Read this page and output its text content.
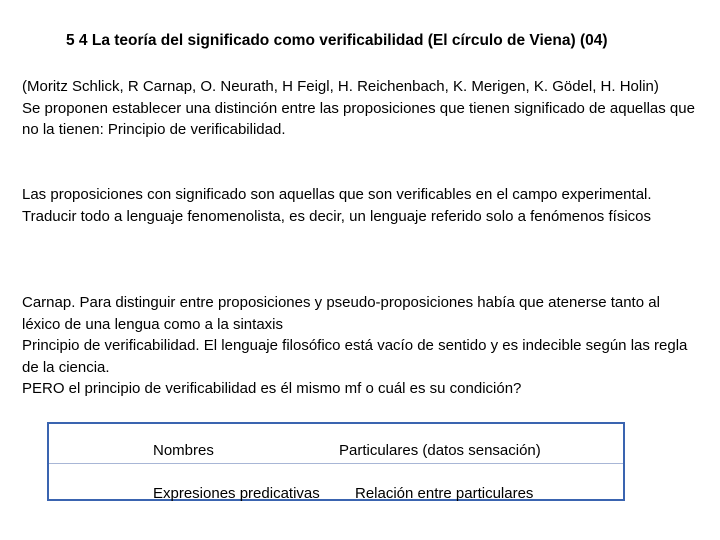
5 4 La teoría del significado como verificabilidad (El círculo de Viena) (04)

(Moritz Schlick, R Carnap, O. Neurath, H Feigl, H. Reichenbach, K. Merigen, K. Gödel, H. Holin)

Se proponen establecer una distinción entre las proposiciones que tienen significado de aquellas que no la tienen: Principio de verificabilidad.

Las proposiciones con significado son aquellas que son verificables en el campo experimental.

Traducir todo a lenguaje fenomenolista, es decir, un lenguaje referido solo a fenómenos físicos

Carnap. Para distinguir entre proposiciones y pseudo-proposiciones había que atenerse tanto al léxico de una lengua como a la sintaxis

Principio de verificabilidad. El lenguaje filosófico está vacío de sentido y es indecible según las regla de la ciencia.

PERO el principio de verificabilidad es él mismo mf o cuál es su condición?

Nombres	Particulares (datos sensación)
Expresiones predicativas Relación entre particulares
